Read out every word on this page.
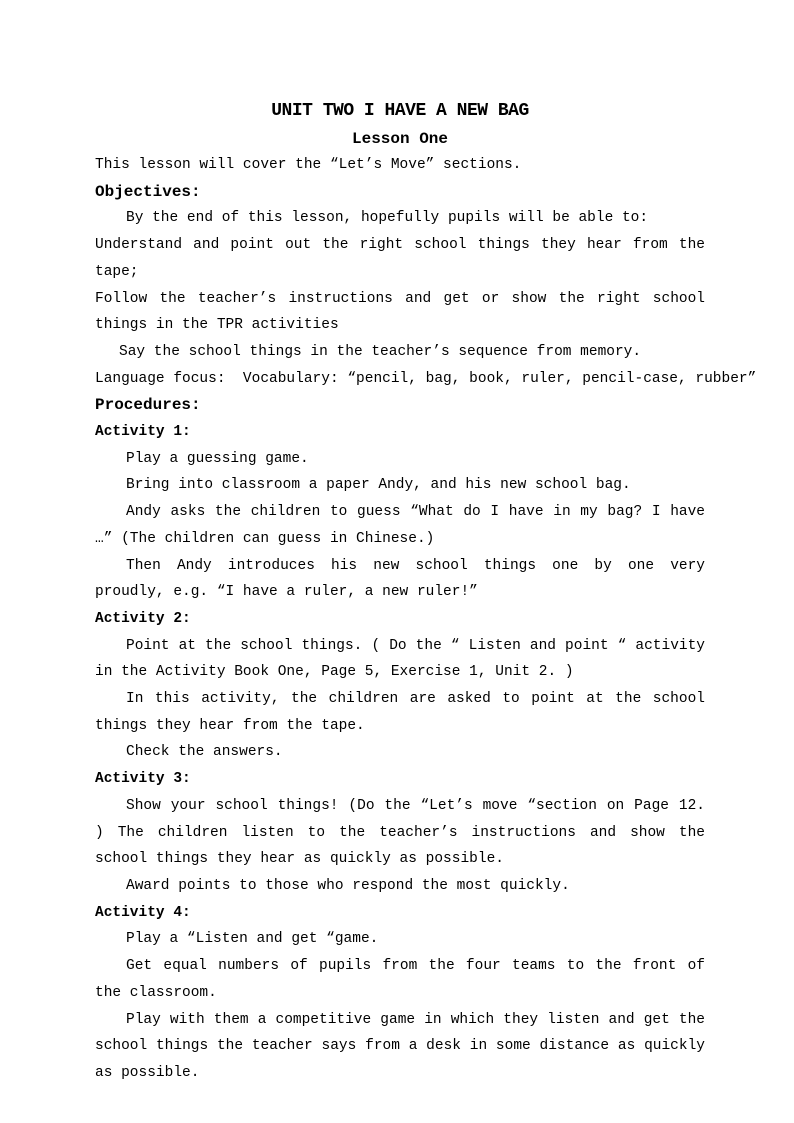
UNIT TWO I HAVE A NEW BAG

Lesson One

This lesson will cover the “Let’s Move” sections.

Objectives:

By the end of this lesson, hopefully pupils will be able to:

Understand and point out the right school things they hear from the tape;

Follow the teacher’s instructions and get or show the right school things in the TPR activities

Say the school things in the teacher’s sequence from memory.

Language focus:  Vocabulary: “pencil, bag, book, ruler, pencil-case, rubber”

Procedures:

Activity 1:

Play a guessing game.

Bring into classroom a paper Andy, and his new school bag.

Andy asks the children to guess “What do I have in my bag? I have …” (The children can guess in Chinese.)

Then Andy introduces his new school things one by one very proudly, e.g. “I have a ruler, a new ruler!”

Activity 2:

Point at the school things. ( Do the “ Listen and point “ activity in the Activity Book One, Page 5, Exercise 1, Unit 2. )

In this activity, the children are asked to point at the school things they hear from the tape.

Check the answers.

Activity 3:

Show your school things! (Do the “Let’s move “section on Page 12. ) The children listen to the teacher’s instructions and show the school things they hear as quickly as possible.

Award points to those who respond the most quickly.

Activity 4:

Play a “Listen and get “game.

Get equal numbers of pupils from the four teams to the front of the classroom.

Play with them a competitive game in which they listen and get the school things the teacher says from a desk in some distance as quickly as possible.
